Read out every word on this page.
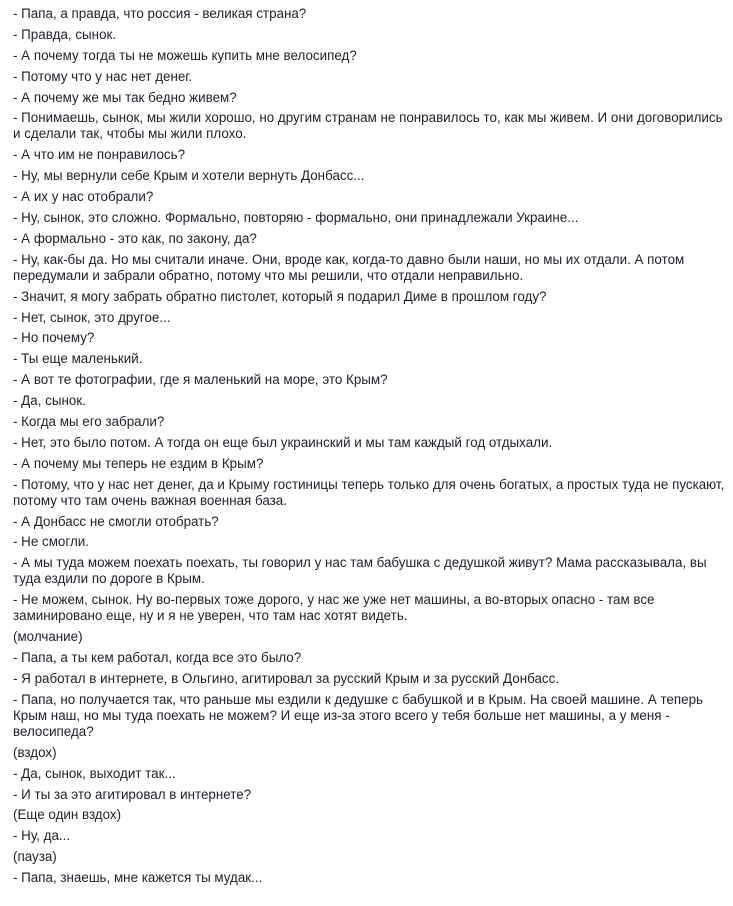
- Папа, а правда, что россия - великая страна?

- Правда, сынок.

- А почему тогда ты не можешь купить мне велосипед?

- Потому что у нас нет денег.

- А почему же мы так бедно живем?

- Понимаешь, сынок, мы жили хорошо, но другим странам не понравилось то, как мы живем. И они договорились и сделали так, чтобы мы жили плохо.

- А что им не понравилось?

- Ну, мы вернули себе Крым и хотели вернуть Донбасс...

- А их у нас отобрали?

- Ну, сынок, это сложно. Формально, повторяю - формально, они принадлежали Украине...

- А формально - это как, по закону, да?

- Ну, как-бы да. Но мы считали иначе. Они, вроде как, когда-то давно были наши, но мы их отдали. А потом передумали и забрали обратно, потому что мы решили, что отдали неправильно.

- Значит, я могу забрать обратно пистолет, который я подарил Диме в прошлом году?

- Нет, сынок, это другое...

- Но почему?

- Ты еще маленький.

- А вот те фотографии, где я маленький на море, это Крым?

- Да, сынок.

- Когда мы его забрали?

- Нет, это было потом. А тогда он еще был украинский и мы там каждый год отдыхали.

- А почему мы теперь не ездим в Крым?

- Потому, что у нас нет денег, да и Крыму гостиницы теперь только для очень богатых, а простых туда не пускают, потому что там очень важная военная база.

- А Донбасс не смогли отобрать?

- Не смогли.

- А мы туда можем поехать поехать, ты говорил у нас там бабушка с дедушкой живут? Мама рассказывала, вы туда ездили по дороге в Крым.

- Не можем, сынок. Ну во-первых тоже дорого, у нас же уже нет машины, а во-вторых опасно - там все заминировано еще, ну и я не уверен, что там нас хотят видеть.

(молчание)

- Папа, а ты кем работал, когда все это было?

- Я работал в интернете, в Ольгино, агитировал за русский Крым и за русский Донбасс.

- Папа, но получается так, что раньше мы ездили к дедушке с бабушкой и в Крым. На своей машине. А теперь Крым наш, но мы туда поехать не можем? И еще из-за этого всего у тебя больше нет машины, а у меня - велосипеда?

(вздох)

- Да, сынок, выходит так...

- И ты за это агитировал в интернете?

(Еще один вздох)

- Ну, да...

(пауза)

- Папа, знаешь, мне кажется ты мудак...
